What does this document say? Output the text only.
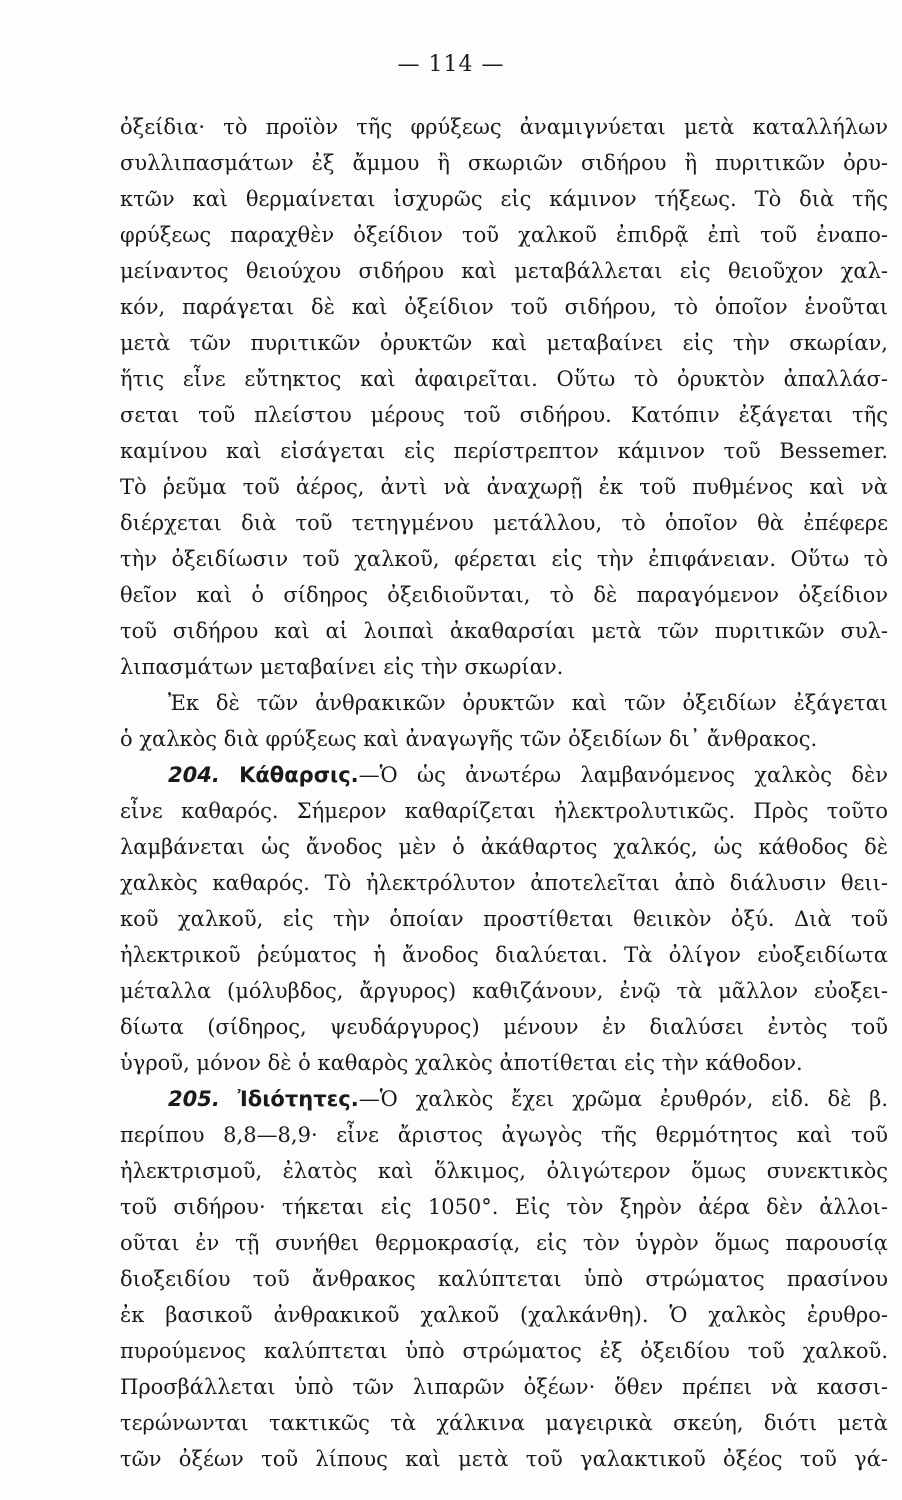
— 114 —
ὀξείδια· τὸ προϊὸν τῆς φρύξεως ἀναμιγνύεται μετὰ καταλλήλων
συλλιπασμάτων ἐξ ἄμμου ἢ σκωριῶν σιδήρου ἢ πυριτικῶν ὀρυ-
κτῶν καὶ θερμαίνεται ἰσχυρῶς εἰς κάμινον τήξεως. Τὸ διὰ τῆς
φρύξεως παραχθὲν ὀξείδιον τοῦ χαλκοῦ ἐπιδρᾷ ἐπὶ τοῦ ἐναπο-
μείναντος θειούχου σιδήρου καὶ μεταβάλλεται εἰς θειοῦχον χαλ-
κόν, παράγεται δὲ καὶ ὀξείδιον τοῦ σιδήρου, τὸ ὁποῖον ἑνοῦται
μετὰ τῶν πυριτικῶν ὀρυκτῶν καὶ μεταβαίνει εἰς τὴν σκωρίαν,
ἥτις εἶνε εὔτηκτος καὶ ἀφαιρεῖται. Οὕτω τὸ ὀρυκτὸν ἀπαλλάσ-
σεται τοῦ πλείστου μέρους τοῦ σιδήρου. Κατόπιν ἐξάγεται τῆς
καμίνου καὶ εἰσάγεται εἰς περίστρεπτον κάμινον τοῦ Bessemer.
Τὸ ῥεῦμα τοῦ ἀέρος, ἀντὶ νὰ ἀναχωρῇ ἐκ τοῦ πυθμένος καὶ νὰ
διέρχεται διὰ τοῦ τετηγμένου μετάλλου, τὸ ὁποῖον θὰ ἐπέφερε
τὴν ὀξειδίωσιν τοῦ χαλκοῦ, φέρεται εἰς τὴν ἐπιφάνειαν. Οὕτω τὸ
θεῖον καὶ ὁ σίδηρος ὀξειδιοῦνται, τὸ δὲ παραγόμενον ὀξείδιον
τοῦ σιδήρου καὶ αἱ λοιπαὶ ἀκαθαρσίαι μετὰ τῶν πυριτικῶν συλ-
λιπασμάτων μεταβαίνει εἰς τὴν σκωρίαν.
Ἐκ δὲ τῶν ἀνθρακικῶν ὀρυκτῶν καὶ τῶν ὀξειδίων ἐξάγεται
ὁ χαλκὸς διὰ φρύξεως καὶ ἀναγωγῆς τῶν ὀξειδίων δι᾿ ἄνθρακος.
204. Κάθαρσις.—Ὁ ὡς ἀνωτέρω λαμβανόμενος χαλκὸς δὲν
εἶνε καθαρός. Σήμερον καθαρίζεται ἠλεκτρολυτικῶς. Πρὸς τοῦτο
λαμβάνεται ὡς ἄνοδος μὲν ὁ ἀκάθαρτος χαλκός, ὡς κάθοδος δὲ
χαλκὸς καθαρός. Τὸ ἠλεκτρόλυτον ἀποτελεῖται ἀπὸ διάλυσιν θειι-
κοῦ χαλκοῦ, εἰς τὴν ὁποίαν προστίθεται θειικὸν ὀξύ. Διὰ τοῦ
ἠλεκτρικοῦ ῥεύματος ἡ ἄνοδος διαλύεται. Τὰ ὀλίγον εὐοξειδίωτα
μέταλλα (μόλυβδος, ἄργυρος) καθιζάνουν, ἐνῷ τὰ μᾶλλον εὐοξει-
δίωτα (σίδηρος, ψευδάργυρος) μένουν ἐν διαλύσει ἐντὸς τοῦ
ὑγροῦ, μόνον δὲ ὁ καθαρὸς χαλκὸς ἀποτίθεται εἰς τὴν κάθοδον.
205. Ἰδιότητες.—Ὁ χαλκὸς ἔχει χρῶμα ἐρυθρόν, εἰδ. δὲ β.
περίπου 8,8—8,9· εἶνε ἄριστος ἀγωγὸς τῆς θερμότητος καὶ τοῦ
ἠλεκτρισμοῦ, ἐλατὸς καὶ ὅλκιμος, ὀλιγώτερον ὅμως συνεκτικὸς
τοῦ σιδήρου· τήκεται εἰς 1050°. Εἰς τὸν ξηρὸν ἀέρα δὲν ἀλλοι-
οῦται ἐν τῇ συνήθει θερμοκρασίᾳ, εἰς τὸν ὑγρὸν ὅμως παρουσίᾳ
διοξειδίου τοῦ ἄνθρακος καλύπτεται ὑπὸ στρώματος πρασίνου
ἐκ βασικοῦ ἀνθρακικοῦ χαλκοῦ (χαλκάνθη). Ὁ χαλκὸς ἐρυθρο-
πυρούμενος καλύπτεται ὑπὸ στρώματος ἐξ ὀξειδίου τοῦ χαλκοῦ.
Προσβάλλεται ὑπὸ τῶν λιπαρῶν ὀξέων· ὅθεν πρέπει νὰ κασσι-
τερώνωνται τακτικῶς τὰ χάλκινα μαγειρικὰ σκεύη, διότι μετὰ
τῶν ὀξέων τοῦ λίπους καὶ μετὰ τοῦ γαλακτικοῦ ὀξέος τοῦ γά-
